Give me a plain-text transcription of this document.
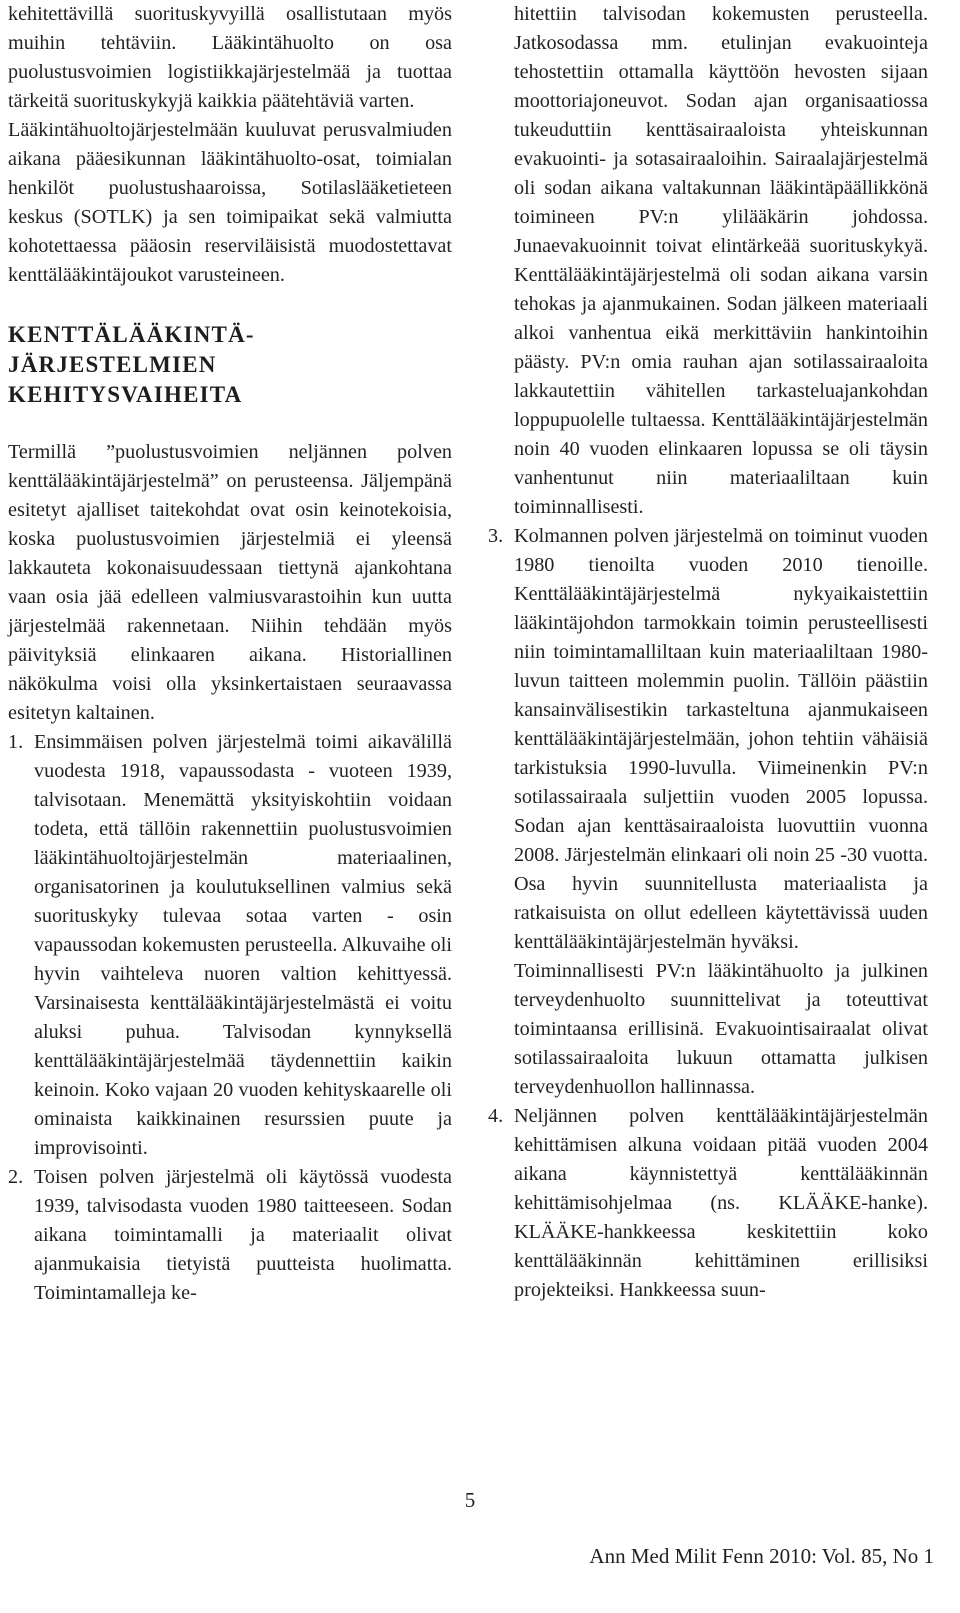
kehitettävillä suorituskyvyillä osallistutaan myös muihin tehtäviin. Lääkintähuolto on osa puolustusvoimien logistiikkajärjestelmää ja tuottaa tärkeitä suorituskykyjä kaikkia päätehtäviä varten.

Lääkintähuoltojärjestelmään kuuluvat perusvalmiuden aikana pääesikunnan lääkintähuolto-osat, toimialan henkilöt puolustushaaroissa, Sotilaslääketieteen keskus (SOTLK) ja sen toimipaikat sekä valmiutta kohotettaessa pääosin reserviläisistä muodostettavat kenttälääkintäjoukot varusteineen.

KENTTÄLÄÄKINTÄ-
JÄRJESTELMIEN
KEHITYSVAIHEITA

Termillä ”puolustusvoimien neljännen polven kenttälääkintäjärjestelmä” on perusteensa. Jäljempänä esitetyt ajalliset taitekohdat ovat osin keinotekoisia, koska puolustusvoimien järjestelmiä ei yleensä lakkauteta kokonaisuudessaan tiettynä ajankohtana vaan osia jää edelleen valmiusvarastoihin kun uutta järjestelmää rakennetaan. Niihin tehdään myös päivityksiä elinkaaren aikana. Historiallinen näkökulma voisi olla yksinkertaistaen seuraavassa esitetyn kaltainen.

1. Ensimmäisen polven järjestelmä toimi aikavälillä vuodesta 1918, vapaussodasta - vuoteen 1939, talvisotaan. Menemättä yksityiskohtiin voidaan todeta, että tällöin rakennettiin puolustusvoimien lääkintähuoltojärjestelmän materiaalinen, organisatorinen ja koulutuksellinen valmius sekä suorituskyky tulevaa sotaa varten - osin vapaussodan kokemusten perusteella. Alkuvaihe oli hyvin vaihteleva nuoren valtion kehittyessä. Varsinaisesta kenttälääkintäjärjestelmästä ei voitu aluksi puhua. Talvisodan kynnyksellä kenttälääkintäjärjestelmää täydennettiin kaikin keinoin. Koko vajaan 20 vuoden kehityskaarelle oli ominaista kaikkinainen resurssien puute ja improvisointi.
2. Toisen polven järjestelmä oli käytössä vuodesta 1939, talvisodasta vuoden 1980 taitteeseen. Sodan aikana toimintamalli ja materiaalit olivat ajanmukaisia tietyistä puutteista huolimatta. Toimintamalleja ke-
hitettiin talvisodan kokemusten perusteella. Jatkosodassa mm. etulinjan evakuointeja tehostettiin ottamalla käyttöön hevosten sijaan moottoriajoneuvot. Sodan ajan organisaatiossa tukeuduttiin kenttäsairaaloista yhteiskunnan evakuointi- ja sotasairaaloihin. Sairaalajärjestelmä oli sodan aikana valtakunnan lääkintäpäällikkönä toimineen PV:n ylilääkärin johdossa. Junaevakuoinnit toivat elintärkeää suorituskykyä. Kenttälääkintäjärjestelmä oli sodan aikana varsin tehokas ja ajanmukainen. Sodan jälkeen materiaali alkoi vanhentua eikä merkittäviin hankintoihin päästy. PV:n omia rauhan ajan sotilassairaaloita lakkautettiin vähitellen tarkasteluajankohdan loppupuolelle tultaessa. Kenttälääkintäjärjestelmän noin 40 vuoden elinkaaren lopussa se oli täysin vanhentunut niin materiaaliltaan kuin toiminnallisesti.
3. Kolmannen polven järjestelmä on toiminut vuoden 1980 tienoilta vuoden 2010 tienoille. Kenttälääkintäjärjestelmä nykyaikaistettiin lääkintäjohdon tarmokkain toimin perusteellisesti niin toimintamalliltaan kuin materiaaliltaan 1980-luvun taitteen molemmin puolin. Tällöin päästiin kansainvälisestikin tarkasteltuna ajanmukaiseen kenttälääkintäjärjestelmään, johon tehtiin vähäisiä tarkistuksia 1990-luvulla. Viimeinenkin PV:n sotilassairaala suljettiin vuoden 2005 lopussa. Sodan ajan kenttäsairaaloista luovuttiin vuonna 2008. Järjestelmän elinkaari oli noin 25 -30 vuotta. Osa hyvin suunnitellusta materiaalista ja ratkaisuista on ollut edelleen käytettävissä uuden kenttälääkintäjärjestelmän hyväksi.
Toiminnallisesti PV:n lääkintähuolto ja julkinen terveydenhuolto suunnittelivat ja toteuttivat toimintaansa erillisinä. Evakuointisairaalat olivat sotilassairaaloita lukuun ottamatta julkisen terveydenhuollon hallinnassa.
4. Neljännen polven kenttälääkintäjärjestelmän kehittämisen alkuna voidaan pitää vuoden 2004 aikana käynnistettyä kenttälääkinnän kehittämisohjelmaa (ns. KLÄÄKE-hanke). KLÄÄKE-hankkeessa keskitettiin koko kenttälääkinnän kehittäminen erillisiksi projekteiksi. Hankkeessa suun-
5
Ann Med Milit Fenn 2010: Vol. 85, No 1
